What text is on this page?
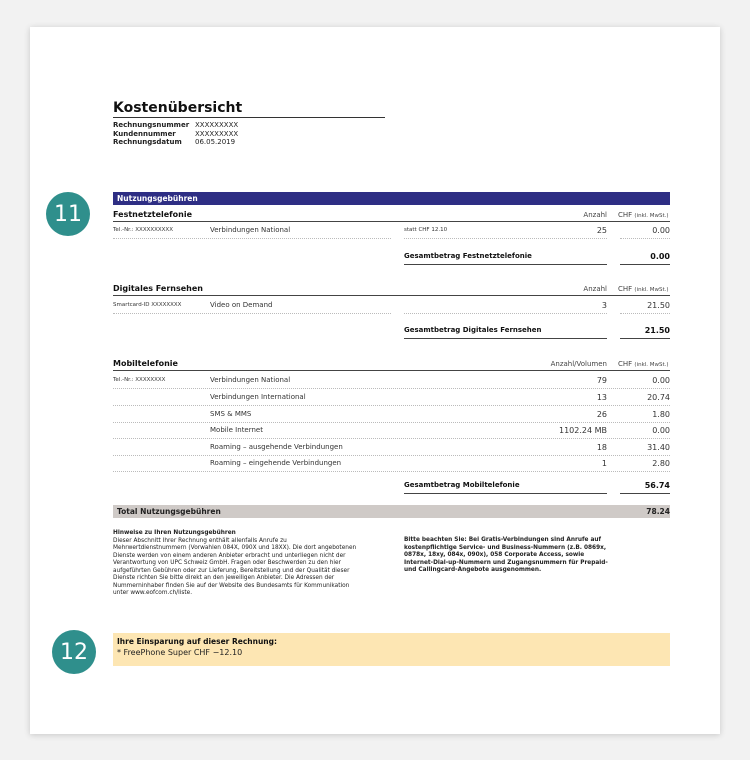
Kostenübersicht
Rechnungsnummer XXXXXXXXX
Kundennummer	XXXXXXXXX
Rechnungsdatum	06.05.2019
11
Nutzungsgebühren
Festnetztelefonie	Anzahl CHF (inkl. MwSt.)
Tel.-Nr.: XXXXXXXXXX	Verbindungen National	statt CHF 12.10	25	0.00
Gesamtbetrag Festnetztelefonie	0.00
Digitales Fernsehen	Anzahl CHF (inkl. MwSt.)
Smartcard-ID XXXXXXXX	Video on Demand	3	21.50
Gesamtbetrag Digitales Fernsehen	21.50
Mobiltelefonie	Anzahl/Volumen CHF (inkl. MwSt.)
Tel.-Nr.: XXXXXXXX	Verbindungen National	79	0.00
Verbindungen International	13	20.74
SMS & MMS	26	1.80
Mobile Internet	1102.24 MB	0.00
Roaming – ausgehende Verbindungen	18	31.40
Roaming – eingehende Verbindungen	1	2.80
Gesamtbetrag Mobiltelefonie	56.74
Total Nutzungsgebühren	78.24
Hinweise zu Ihren Nutzungsgebühren
Dieser Abschnitt Ihrer Rechnung enthält allenfalls Anrufe zu
Mehrwertdienstnummern (Vorwahlen 084X, 090X und 18XX). Die dort angebotenen
Dienste werden von einem anderen Anbieter erbracht und unterliegen nicht der
Verantwortung von UPC Schweiz GmbH. Fragen oder Beschwerden zu den hier
aufgeführten Gebühren oder zur Lieferung, Bereitstellung und der Qualität dieser
Dienste richten Sie bitte direkt an den jeweiligen Anbieter. Die Adressen der
Nummerninhaber finden Sie auf der Website des Bundesamts für Kommunikation
unter www.eofcom.ch/liste.
Bitte beachten Sie: Bei Gratis-Verbindungen sind Anrufe auf
kostenpflichtige Service- und Business-Nummern (z.B. 0869x,
0878x, 18xy, 084x, 090x), 058 Corporate Access, sowie
Internet-Dial-up-Nummern und Zugangsnummern für Prepaid-
und Callingcard-Angebote ausgenommen.
12	Ihre Einsparung auf dieser Rechnung:
* FreePhone Super CHF −12.10
